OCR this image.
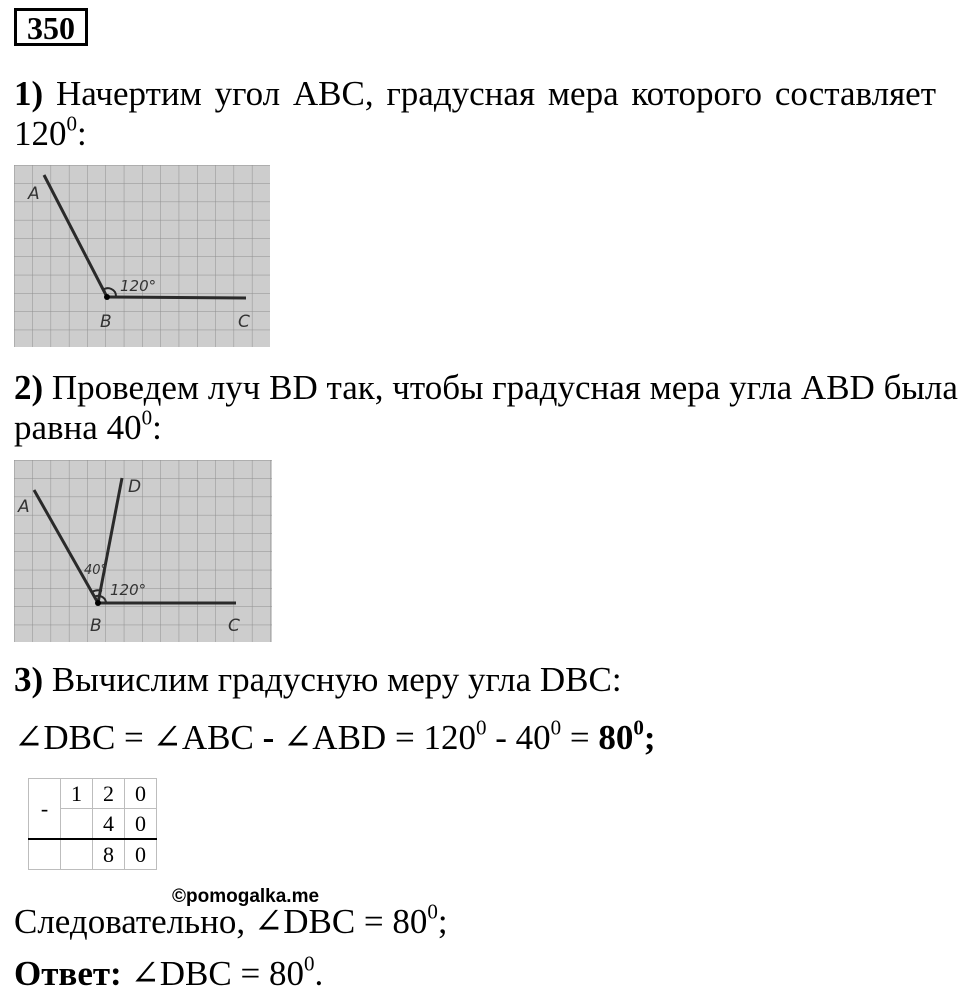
350
1) Начертим угол ABC, градусная мера которого составляет
$120^0$:
A
B	C
120°
2) Проведем луч BD так, чтобы градусная мера угла ABD была
равна $40^0$:
A
D
B	C
40°
120°
3) Вычислим градусную меру угла DBC:
∠DBC = ∠ABC - ∠ABD = $120^0 - 40^0 = 80^0$;
-	1	2	0
		4	0
		8	0
©pomogalka.me
Следовательно, ∠DBC = $80^0$;
Ответ: ∠DBC = $80^0$.
